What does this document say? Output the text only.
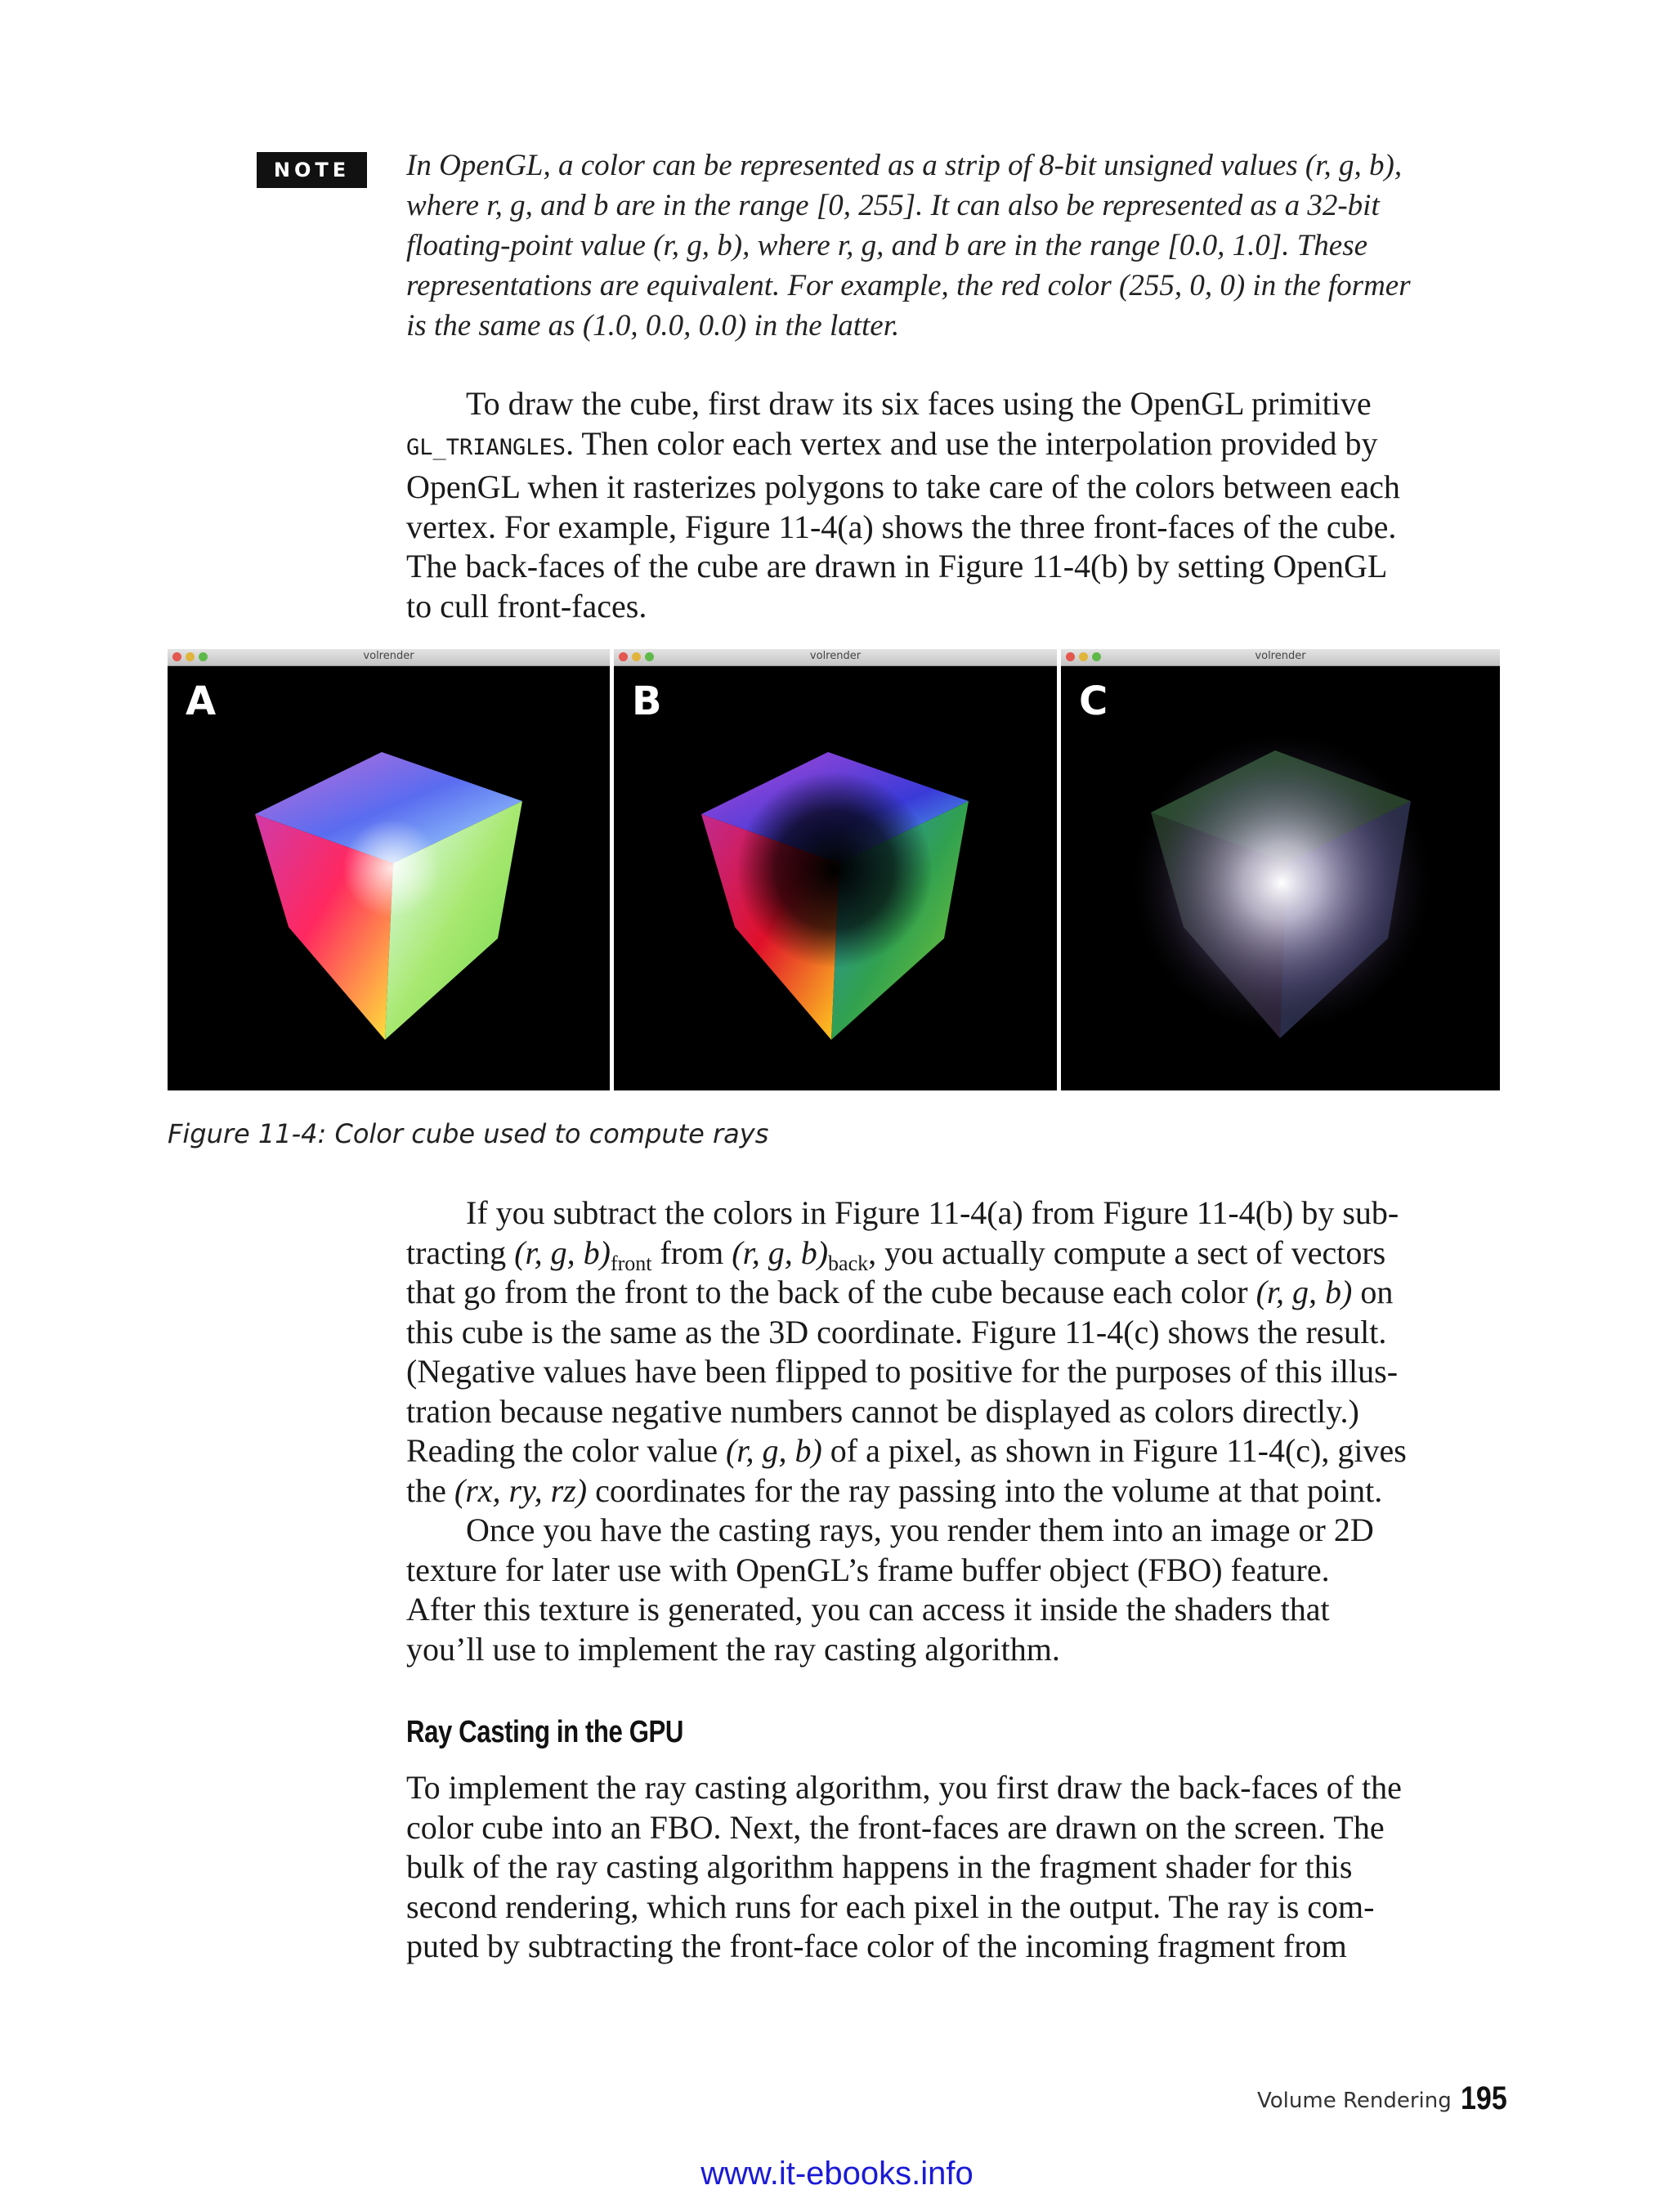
NOTE	In OpenGL, a color can be represented as a strip of 8-bit unsigned values (r, g, b),

where r, g, and b are in the range [0, 255]. It can also be represented as a 32-bit

floating-point value (r, g, b), where r, g, and b are in the range [0.0, 1.0]. These

representations are equivalent. For example, the red color (255, 0, 0) in the former

is the same as (1.0, 0.0, 0.0) in the latter.

To draw the cube, first draw its six faces using the OpenGL primitive

GL_TRIANGLES. Then color each vertex and use the interpolation provided by

OpenGL when it rasterizes polygons to take care of the colors between each

vertex. For example, Figure 11-4(a) shows the three front-faces of the cube.

The back-faces of the cube are drawn in Figure 11-4(b) by setting OpenGL

to cull front-faces.

volrender
A
volrender
B
volrender
C
Figure 11-4: Color cube used to compute rays

If you subtract the colors in Figure 11-4(a) from Figure 11-4(b) by sub-

tracting (r, g, $b)_{front}$ from (r, g, $b)_{back}$, you actually compute a sect of vectors

that go from the front to the back of the cube because each color (r, g, b) on

this cube is the same as the 3D coordinate. Figure 11-4(c) shows the result.

(Negative values have been flipped to positive for the purposes of this illus-

tration because negative numbers cannot be displayed as colors directly.)

Reading the color value (r, g, b) of a pixel, as shown in Figure 11-4(c), gives

the (rx, ry, rz) coordinates for the ray passing into the volume at that point.

Once you have the casting rays, you render them into an image or 2D

texture for later use with OpenGL’s frame buffer object (FBO) feature.

After this texture is generated, you can access it inside the shaders that

you’ll use to implement the ray casting algorithm.

Ray Casting in the GPU

To implement the ray casting algorithm, you first draw the back-faces of the

color cube into an FBO. Next, the front-faces are drawn on the screen. The

bulk of the ray casting algorithm happens in the fragment shader for this

second rendering, which runs for each pixel in the output. The ray is com-

puted by subtracting the front-face color of the incoming fragment from

Volume Rendering 195
www.it-ebooks.info
